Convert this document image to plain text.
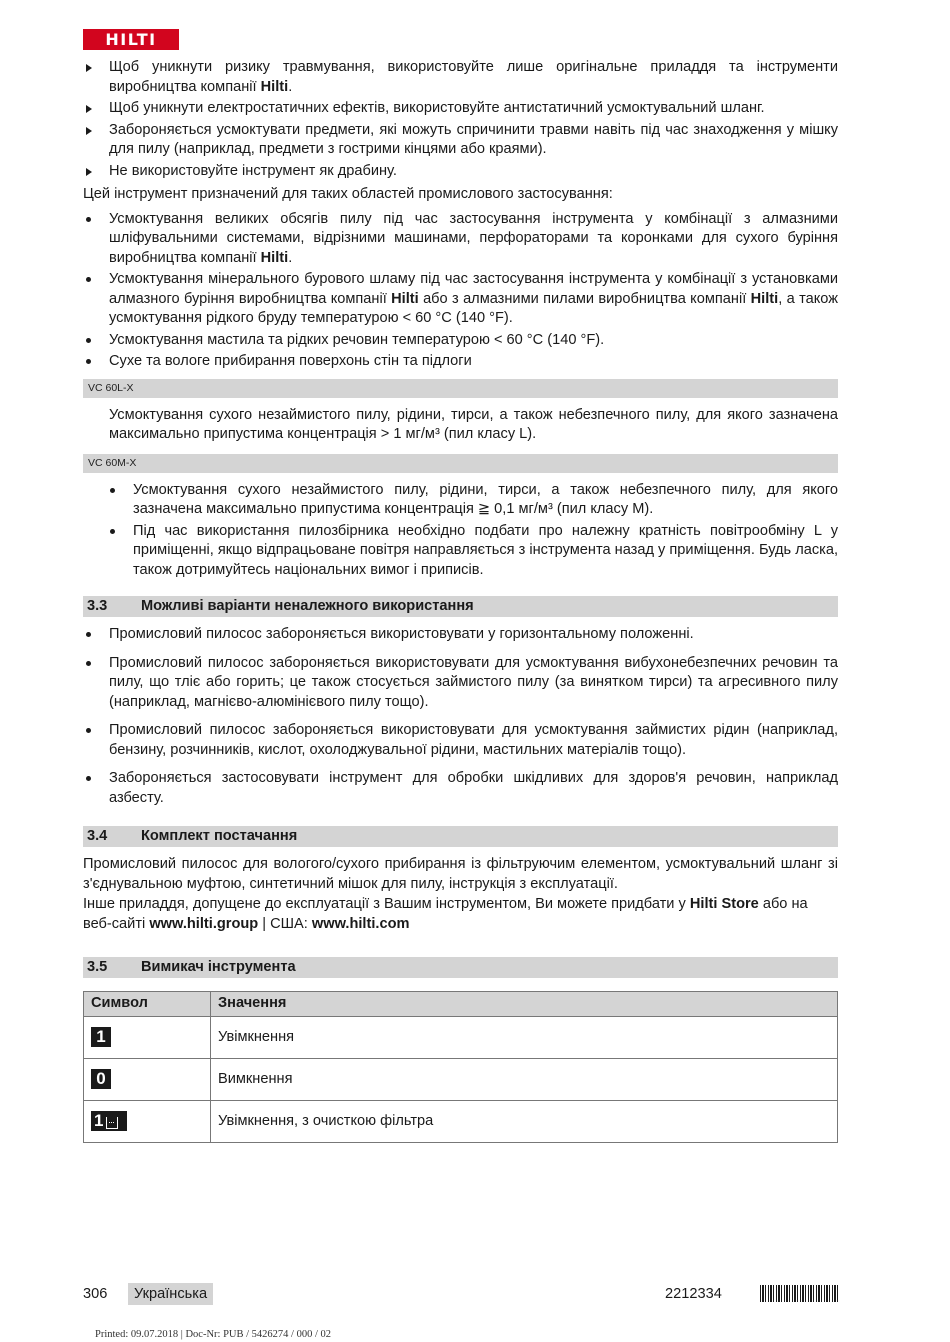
HILTI
Щоб уникнути ризику травмування, використовуйте лише оригінальне приладдя та інструменти виробництва компанії Hilti.
Щоб уникнути електростатичних ефектів, використовуйте антистатичний усмоктувальний шланг.
Забороняється усмоктувати предмети, які можуть спричинити травми навіть під час знаходження у мішку для пилу (наприклад, предмети з гострими кінцями або краями).
Не використовуйте інструмент як драбину.
Цей інструмент призначений для таких областей промислового застосування:
Усмоктування великих обсягів пилу під час застосування інструмента у комбінації з алмазними шліфувальними системами, відрізними машинами, перфораторами та коронками для сухого буріння виробництва компанії Hilti.
Усмоктування мінерального бурового шламу під час застосування інструмента у комбінації з установками алмазного буріння виробництва компанії Hilti або з алмазними пилами виробництва компанії Hilti, а також усмоктування рідкого бруду температурою < 60 °C (140 °F).
Усмоктування мастила та рідких речовин температурою < 60 °C (140 °F).
Сухе та вологе прибирання поверхонь стін та підлоги
VC 60L-X
Усмоктування сухого незаймистого пилу, рідини, тирси, а також небезпечного пилу, для якого зазначена максимально припустима концентрація > 1 мг/м³ (пил класу L).
VC 60M-X
Усмоктування сухого незаймистого пилу, рідини, тирси, а також небезпечного пилу, для якого зазначена максимально припустима концентрація ≧ 0,1 мг/м³ (пил класу M).
Під час використання пилозбірника необхідно подбати про належну кратність повітрообміну L у приміщенні, якщо відпрацьоване повітря направляється з інструмента назад у приміщення. Будь ласка, також дотримуйтесь національних вимог і приписів.
3.3	Можливі варіанти неналежного використання
Промисловий пилосос забороняється використовувати у горизонтальному положенні.
Промисловий пилосос забороняється використовувати для усмоктування вибухонебезпечних речовин та пилу, що тліє або горить; це також стосується займистого пилу (за винятком тирси) та агресивного пилу (наприклад, магнієво-алюмінієвого пилу тощо).
Промисловий пилосос забороняється використовувати для усмоктування займистих рідин (наприклад, бензину, розчинників, кислот, охолоджувальної рідини, мастильних матеріалів тощо).
Забороняється застосовувати інструмент для обробки шкідливих для здоров'я речовин, наприклад азбесту.
3.4	Комплект постачання
Промисловий пилосос для вологого/сухого прибирання із фільтруючим елементом, усмоктувальний шланг зі з'єднувальною муфтою, синтетичний мішок для пилу, інструкція з експлуатації.
Інше приладдя, допущене до експлуатації з Вашим інструментом, Ви можете придбати у Hilti Store або на веб-сайті www.hilti.group | США: www.hilti.com
3.5	Вимикач інструмента
Символ	Значення
1	Увімкнення
0	Вимкнення

1	Увімкнення, з очисткою фільтра
306	Українська	2212334
Printed: 09.07.2018 | Doc-Nr: PUB / 5426274 / 000 / 02
